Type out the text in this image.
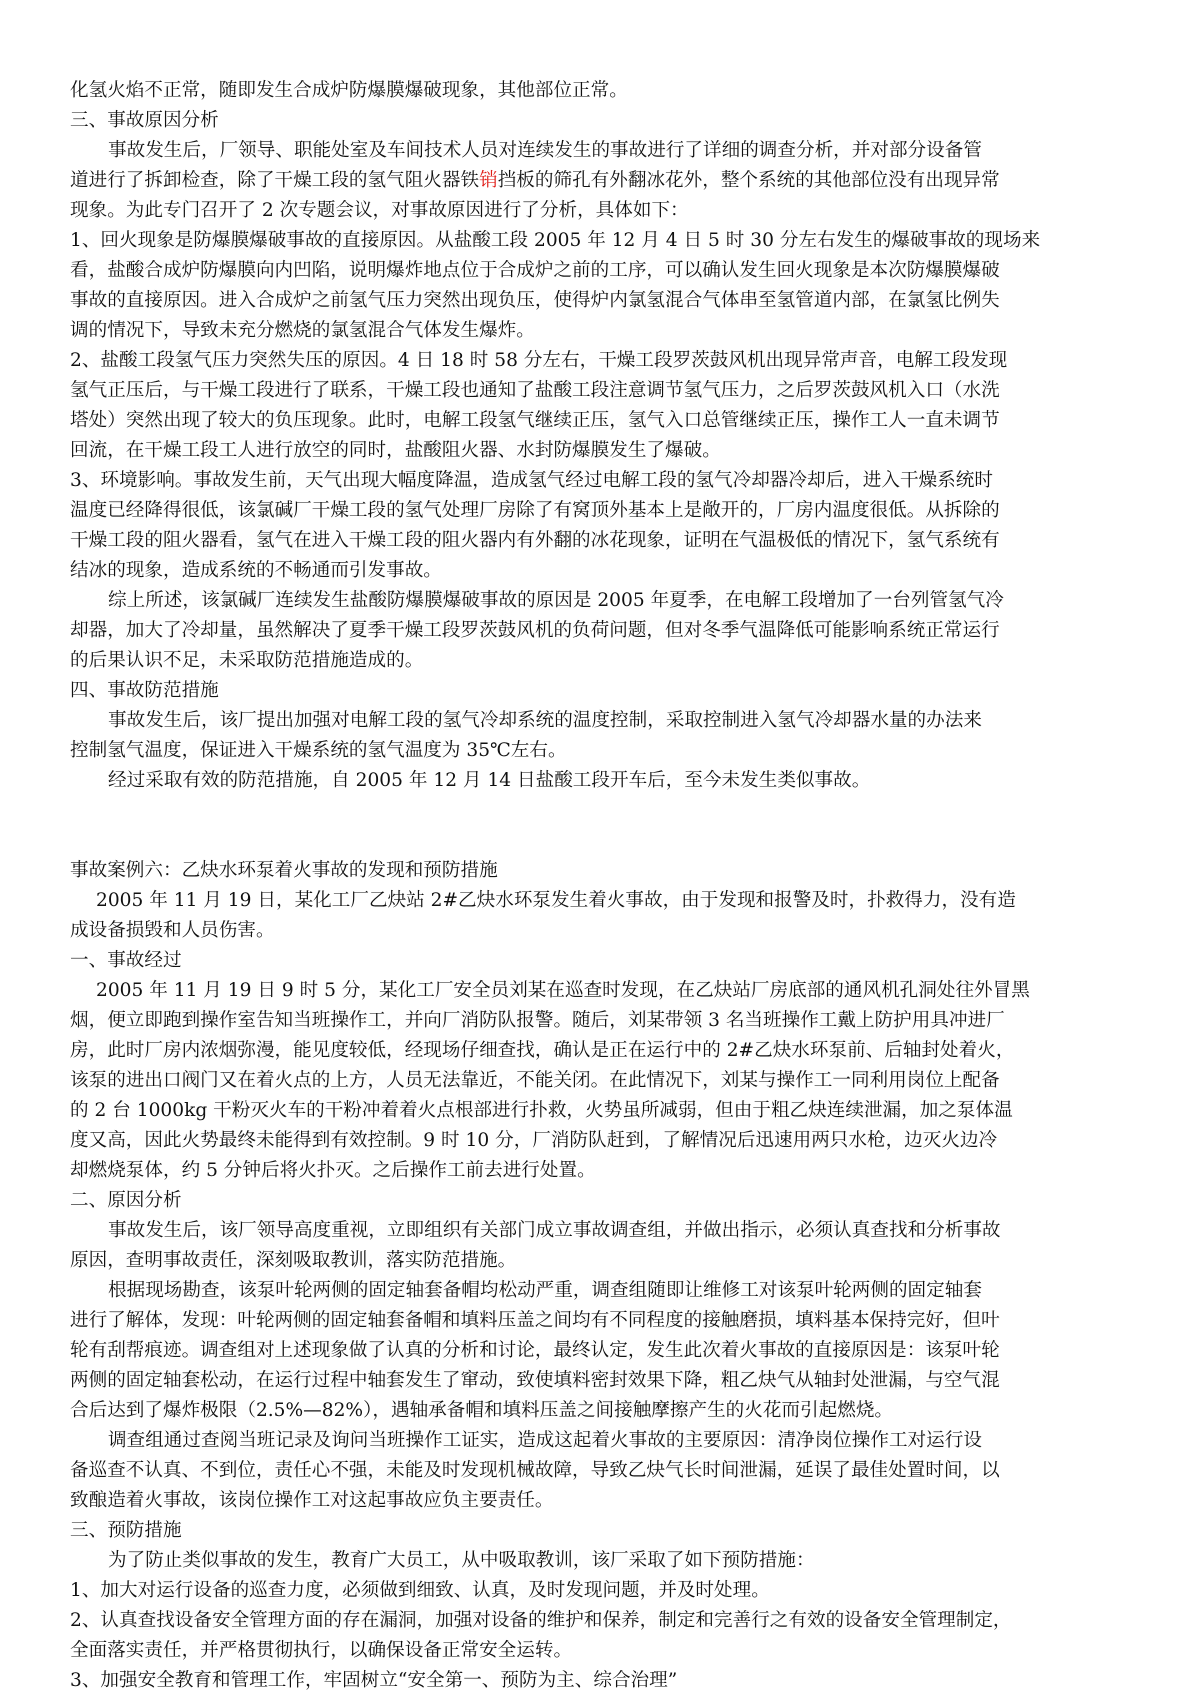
化氢火焰不正常，随即发生合成炉防爆膜爆破现象，其他部位正常。
三、事故原因分析
事故发生后，厂领导、职能处室及车间技术人员对连续发生的事故进行了详细的调查分析，并对部分设备管
道进行了拆卸检查，除了干燥工段的氢气阻火器铁销挡板的筛孔有外翻冰花外，整个系统的其他部位没有出现异常
现象。为此专门召开了 2 次专题会议，对事故原因进行了分析，具体如下：
1、回火现象是防爆膜爆破事故的直接原因。从盐酸工段 2005 年 12 月 4 日 5 时 30 分左右发生的爆破事故的现场来
看，盐酸合成炉防爆膜向内凹陷，说明爆炸地点位于合成炉之前的工序，可以确认发生回火现象是本次防爆膜爆破
事故的直接原因。进入合成炉之前氢气压力突然出现负压，使得炉内氯氢混合气体串至氢管道内部，在氯氢比例失
调的情况下，导致未充分燃烧的氯氢混合气体发生爆炸。
2、盐酸工段氢气压力突然失压的原因。4 日 18 时 58 分左右，干燥工段罗茨鼓风机出现异常声音，电解工段发现
氢气正压后，与干燥工段进行了联系，干燥工段也通知了盐酸工段注意调节氢气压力，之后罗茨鼓风机入口（水洗
塔处）突然出现了较大的负压现象。此时，电解工段氢气继续正压，氢气入口总管继续正压，操作工人一直未调节
回流，在干燥工段工人进行放空的同时，盐酸阻火器、水封防爆膜发生了爆破。
3、环境影响。事故发生前，天气出现大幅度降温，造成氢气经过电解工段的氢气冷却器冷却后，进入干燥系统时
温度已经降得很低，该氯碱厂干燥工段的氢气处理厂房除了有窝顶外基本上是敞开的，厂房内温度很低。从拆除的
干燥工段的阻火器看，氢气在进入干燥工段的阻火器内有外翻的冰花现象，证明在气温极低的情况下，氢气系统有
结冰的现象，造成系统的不畅通而引发事故。
综上所述，该氯碱厂连续发生盐酸防爆膜爆破事故的原因是 2005 年夏季，在电解工段增加了一台列管氢气冷
却器，加大了冷却量，虽然解决了夏季干燥工段罗茨鼓风机的负荷问题，但对冬季气温降低可能影响系统正常运行
的后果认识不足，未采取防范措施造成的。
四、事故防范措施
事故发生后，该厂提出加强对电解工段的氢气冷却系统的温度控制，采取控制进入氢气冷却器水量的办法来
控制氢气温度，保证进入干燥系统的氢气温度为 35℃左右。
经过采取有效的防范措施，自 2005 年 12 月 14 日盐酸工段开车后，至今未发生类似事故。
事故案例六：乙炔水环泵着火事故的发现和预防措施
2005 年 11 月 19 日，某化工厂乙炔站 2#乙炔水环泵发生着火事故，由于发现和报警及时，扑救得力，没有造
成设备损毁和人员伤害。
一、事故经过
2005 年 11 月 19 日 9 时 5 分，某化工厂安全员刘某在巡查时发现，在乙炔站厂房底部的通风机孔洞处往外冒黑
烟，便立即跑到操作室告知当班操作工，并向厂消防队报警。随后，刘某带领 3 名当班操作工戴上防护用具冲进厂
房，此时厂房内浓烟弥漫，能见度较低，经现场仔细查找，确认是正在运行中的 2#乙炔水环泵前、后轴封处着火，
该泵的进出口阀门又在着火点的上方，人员无法靠近，不能关闭。在此情况下，刘某与操作工一同利用岗位上配备
的 2 台 1000kg 干粉灭火车的干粉冲着着火点根部进行扑救，火势虽所减弱，但由于粗乙炔连续泄漏，加之泵体温
度又高，因此火势最终未能得到有效控制。9 时 10 分，厂消防队赶到，了解情况后迅速用两只水枪，边灭火边冷
却燃烧泵体，约 5 分钟后将火扑灭。之后操作工前去进行处置。
二、原因分析
事故发生后，该厂领导高度重视，立即组织有关部门成立事故调查组，并做出指示，必须认真查找和分析事故
原因，查明事故责任，深刻吸取教训，落实防范措施。
根据现场勘查，该泵叶轮两侧的固定轴套备帽均松动严重，调查组随即让维修工对该泵叶轮两侧的固定轴套
进行了解体，发现：叶轮两侧的固定轴套备帽和填料压盖之间均有不同程度的接触磨损，填料基本保持完好，但叶
轮有刮帮痕迹。调查组对上述现象做了认真的分析和讨论，最终认定，发生此次着火事故的直接原因是：该泵叶轮
两侧的固定轴套松动，在运行过程中轴套发生了窜动，致使填料密封效果下降，粗乙炔气从轴封处泄漏，与空气混
合后达到了爆炸极限（2.5%—82%），遇轴承备帽和填料压盖之间接触摩擦产生的火花而引起燃烧。
调查组通过查阅当班记录及询问当班操作工证实，造成这起着火事故的主要原因：清净岗位操作工对运行设
备巡查不认真、不到位，责任心不强，未能及时发现机械故障，导致乙炔气长时间泄漏，延误了最佳处置时间，以
致酿造着火事故，该岗位操作工对这起事故应负主要责任。
三、预防措施
为了防止类似事故的发生，教育广大员工，从中吸取教训，该厂采取了如下预防措施：
1、加大对运行设备的巡查力度，必须做到细致、认真，及时发现问题，并及时处理。
2、认真查找设备安全管理方面的存在漏洞，加强对设备的维护和保养，制定和完善行之有效的设备安全管理制定，
全面落实责任，并严格贯彻执行，以确保设备正常安全运转。
3、加强安全教育和管理工作，牢固树立“安全第一、预防为主、综合治理”
